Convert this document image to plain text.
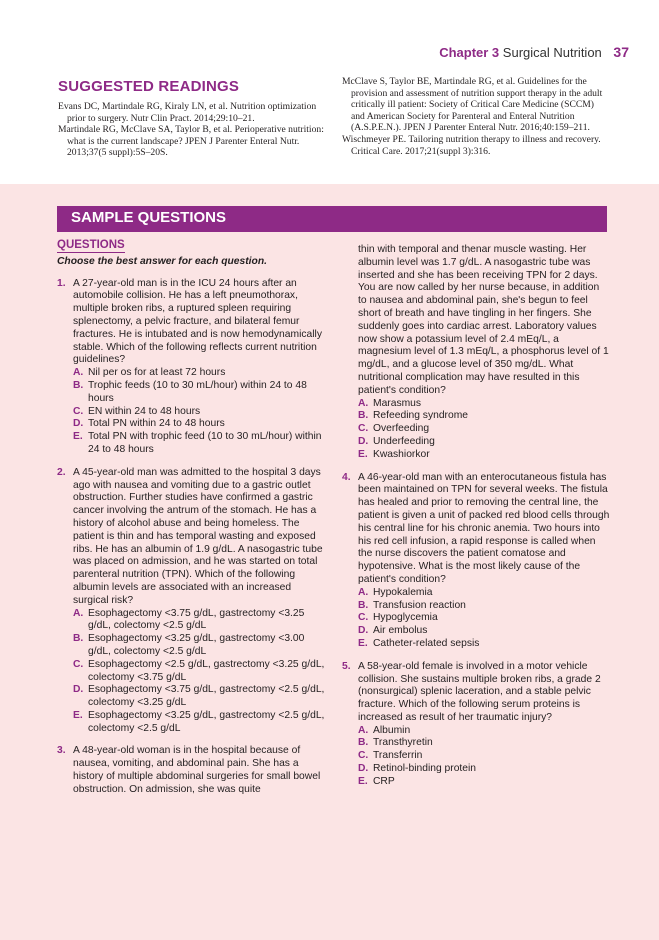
Chapter 3 Surgical Nutrition 37
SUGGESTED READINGS

Evans DC, Martindale RG, Kiraly LN, et al. Nutrition optimization prior to surgery. Nutr Clin Pract. 2014;29:10–21.

Martindale RG, McClave SA, Taylor B, et al. Perioperative nutrition: what is the current landscape? JPEN J Parenter Enteral Nutr. 2013;37(5 suppl):5S–20S.

McClave S, Taylor BE, Martindale RG, et al. Guidelines for the provision and assessment of nutrition support therapy in the adult critically ill patient: Society of Critical Care Medicine (SCCM) and American Society for Parenteral and Enteral Nutrition (A.S.P.E.N.). JPEN J Parenter Enteral Nutr. 2016;40:159–211.

Wischmeyer PE. Tailoring nutrition therapy to illness and recovery. Critical Care. 2017;21(suppl 3):316.

SAMPLE QUESTIONS
QUESTIONS
Choose the best answer for each question.
1. A 27-year-old man is in the ICU 24 hours after an automobile collision. He has a left pneumothorax, multiple broken ribs, a ruptured spleen requiring splenectomy, a pelvic fracture, and bilateral femur fractures. He is intubated and is now hemodynamically stable. Which of the following reflects current nutrition guidelines?
A. Nil per os for at least 72 hours
B. Trophic feeds (10 to 30 mL/hour) within 24 to 48 hours
C. EN within 24 to 48 hours
D. Total PN within 24 to 48 hours
E. Total PN with trophic feed (10 to 30 mL/hour) within 24 to 48 hours
2. A 45-year-old man was admitted to the hospital 3 days ago with nausea and vomiting due to a gastric outlet obstruction. Further studies have confirmed a gastric cancer involving the antrum of the stomach. He has a history of alcohol abuse and being homeless. The patient is thin and has temporal wasting and exposed ribs. He has an albumin of 1.9 g/dL. A nasogastric tube was placed on admission, and he was started on total parenteral nutrition (TPN). Which of the following albumin levels are associated with an increased surgical risk?
A. Esophagectomy <3.75 g/dL, gastrectomy <3.25 g/dL, colectomy <2.5 g/dL
B. Esophagectomy <3.25 g/dL, gastrectomy <3.00 g/dL, colectomy <2.5 g/dL
C. Esophagectomy <2.5 g/dL, gastrectomy <3.25 g/dL, colectomy <3.75 g/dL
D. Esophagectomy <3.75 g/dL, gastrectomy <2.5 g/dL, colectomy <3.25 g/dL
E. Esophagectomy <3.25 g/dL, gastrectomy <2.5 g/dL, colectomy <2.5 g/dL
3. A 48-year-old woman is in the hospital because of nausea, vomiting, and abdominal pain. She has a history of multiple abdominal surgeries for small bowel obstruction. On admission, she was quite
thin with temporal and thenar muscle wasting. Her albumin level was 1.7 g/dL. A nasogastric tube was inserted and she has been receiving TPN for 2 days. You are now called by her nurse because, in addition to nausea and abdominal pain, she's begun to feel short of breath and have tingling in her fingers. She suddenly goes into cardiac arrest. Laboratory values now show a potassium level of 2.4 mEq/L, a magnesium level of 1.3 mEq/L, a phosphorus level of 1 mg/dL, and a glucose level of 350 mg/dL. What nutritional complication may have resulted in this patient's condition?
A. Marasmus
B. Refeeding syndrome
C. Overfeeding
D. Underfeeding
E. Kwashiorkor
4. A 46-year-old man with an enterocutaneous fistula has been maintained on TPN for several weeks. The fistula has healed and prior to removing the central line, the patient is given a unit of packed red blood cells through his central line for his chronic anemia. Two hours into his red cell infusion, a rapid response is called when the nurse discovers the patient comatose and hypotensive. What is the most likely cause of the patient's condition?
A. Hypokalemia
B. Transfusion reaction
C. Hypoglycemia
D. Air embolus
E. Catheter-related sepsis
5. A 58-year-old female is involved in a motor vehicle collision. She sustains multiple broken ribs, a grade 2 (nonsurgical) splenic laceration, and a stable pelvic fracture. Which of the following serum proteins is increased as result of her traumatic injury?
A. Albumin
B. Transthyretin
C. Transferrin
D. Retinol-binding protein
E. CRP
